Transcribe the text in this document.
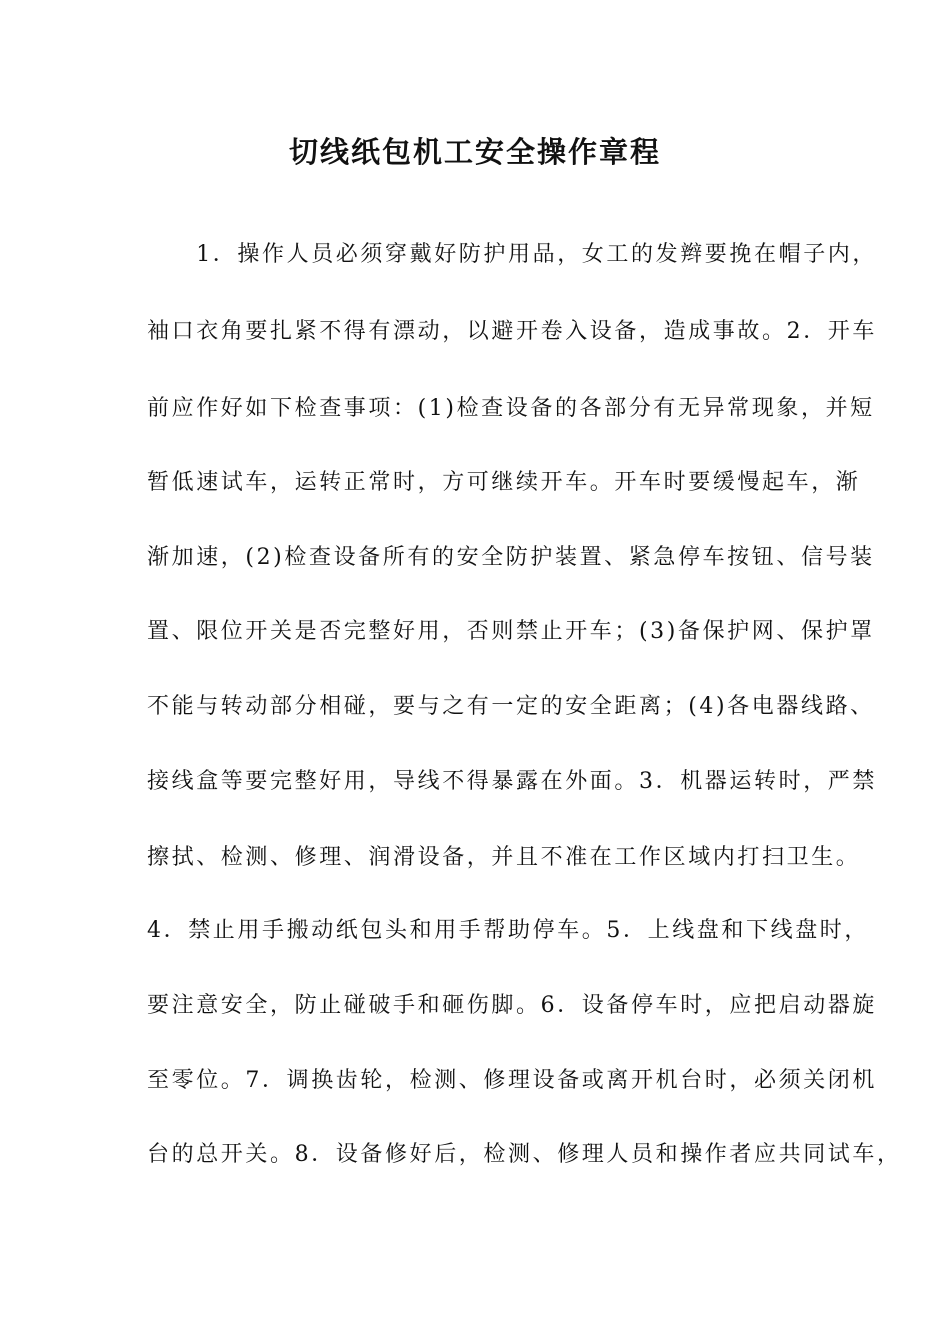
切线纸包机工安全操作章程

　　1．操作人员必须穿戴好防护用品，女工的发辫要挽在帽子内，

袖口衣角要扎紧不得有漂动，以避开卷入设备，造成事故。2．开车

前应作好如下检查事项：(1)检查设备的各部分有无异常现象，并短

暂低速试车，运转正常时，方可继续开车。开车时要缓慢起车，渐

渐加速，(2)检查设备所有的安全防护装置、紧急停车按钮、信号装

置、限位开关是否完整好用，否则禁止开车；(3)备保护网、保护罩

不能与转动部分相碰，要与之有一定的安全距离；(4)各电器线路、

接线盒等要完整好用，导线不得暴露在外面。3．机器运转时，严禁

擦拭、检测、修理、润滑设备，并且不准在工作区域内打扫卫生。

4．禁止用手搬动纸包头和用手帮助停车。5．上线盘和下线盘时，

要注意安全，防止碰破手和砸伤脚。6．设备停车时，应把启动器旋

至零位。7．调换齿轮，检测、修理设备或离开机台时，必须关闭机

台的总开关。8．设备修好后，检测、修理人员和操作者应共同试车，
